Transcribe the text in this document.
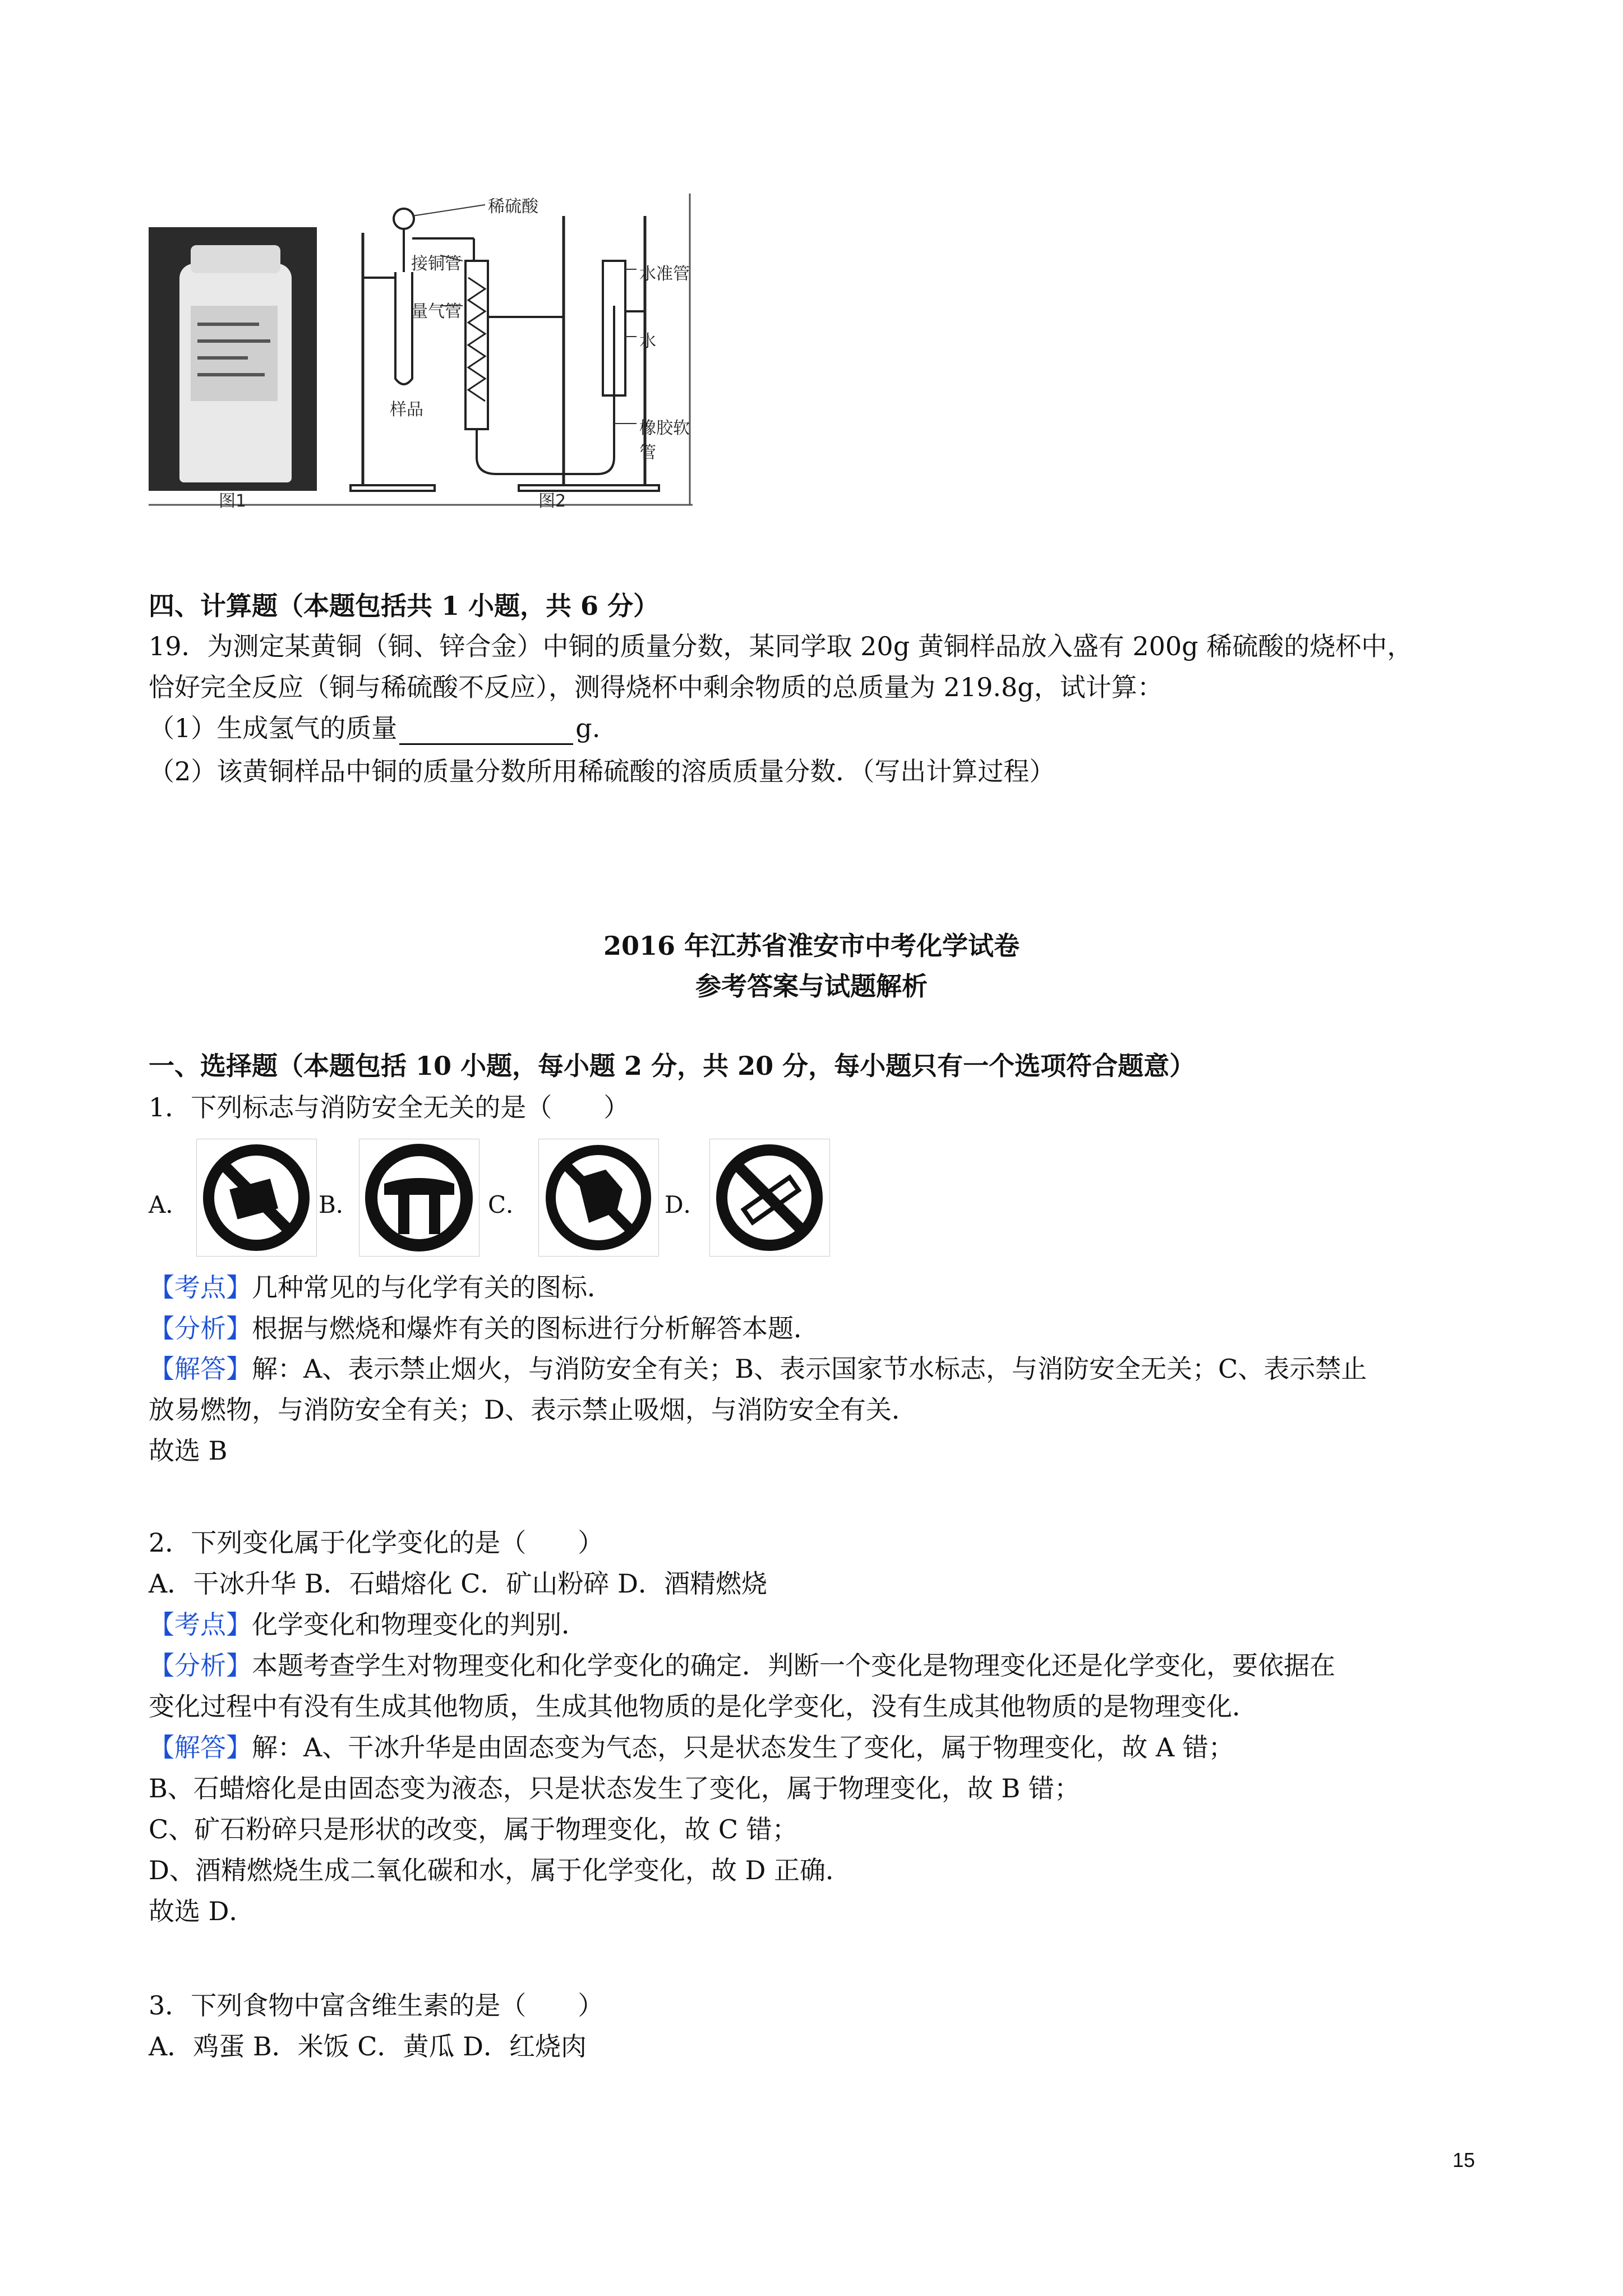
稀硫酸
接铜管
量气管
样品
水准管
水
橡胶软管
图1	图2
四、计算题（本题包括共 1 小题，共 6 分）
19．为测定某黄铜（铜、锌合金）中铜的质量分数，某同学取 20g 黄铜样品放入盛有 200g 稀硫酸的烧杯中，
恰好完全反应（铜与稀硫酸不反应），测得烧杯中剩余物质的总质量为 219.8g，试计算：
（1）生成氢气的质量	g.
（2）该黄铜样品中铜的质量分数所用稀硫酸的溶质质量分数．（写出计算过程）
2016 年江苏省淮安市中考化学试卷
参考答案与试题解析
一、选择题（本题包括 10 小题，每小题 2 分，共 20 分，每小题只有一个选项符合题意）
1．下列标志与消防安全无关的是（　　）
A．	B．	C．	D．
【考点】几种常见的与化学有关的图标．
【分析】根据与燃烧和爆炸有关的图标进行分析解答本题．
【解答】解：A、表示禁止烟火，与消防安全有关；B、表示国家节水标志，与消防安全无关；C、表示禁止
放易燃物，与消防安全有关；D、表示禁止吸烟，与消防安全有关．
故选 B
2．下列变化属于化学变化的是（　　）
A．干冰升华 B．石蜡熔化 C．矿山粉碎 D．酒精燃烧
【考点】化学变化和物理变化的判别．
【分析】本题考查学生对物理变化和化学变化的确定．判断一个变化是物理变化还是化学变化，要依据在
变化过程中有没有生成其他物质，生成其他物质的是化学变化，没有生成其他物质的是物理变化．
【解答】解：A、干冰升华是由固态变为气态，只是状态发生了变化，属于物理变化，故 A 错；
B、石蜡熔化是由固态变为液态，只是状态发生了变化，属于物理变化，故 B 错；
C、矿石粉碎只是形状的改变，属于物理变化，故 C 错；
D、酒精燃烧生成二氧化碳和水，属于化学变化，故 D 正确．
故选 D．
3．下列食物中富含维生素的是（　　）
A．鸡蛋 B．米饭 C．黄瓜 D．红烧肉
15
